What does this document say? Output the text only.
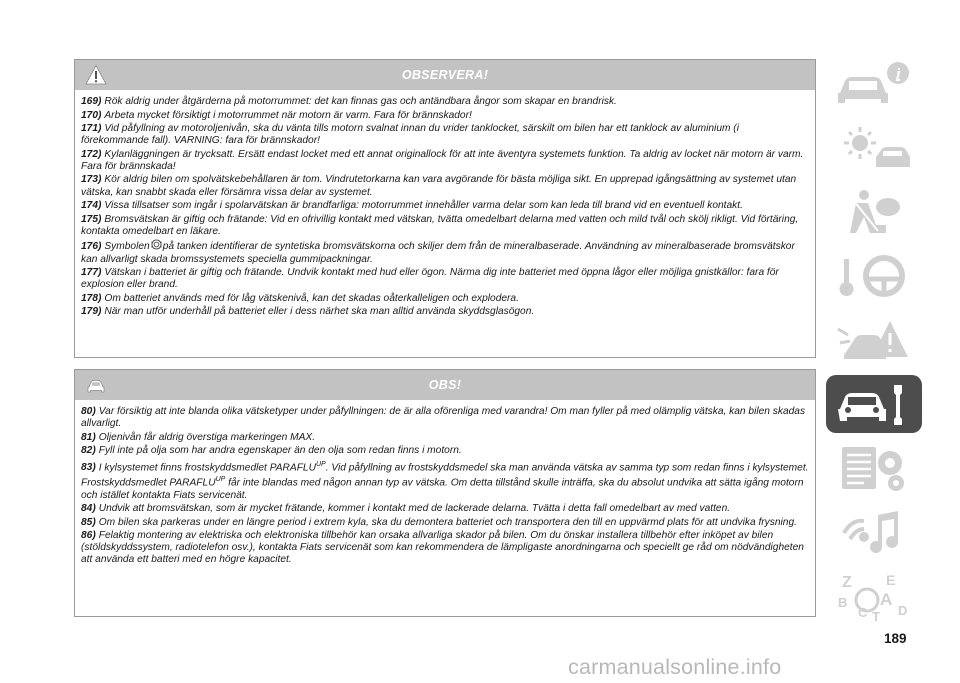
OBSERVERA!
169) Rök aldrig under åtgärderna på motorrummet: det kan finnas gas och antändbara ångor som skapar en brandrisk.
170) Arbeta mycket försiktigt i motorrummet när motorn är varm. Fara för brännskador!
171) Vid påfyllning av motoroljenivån, ska du vänta tills motorn svalnat innan du vrider tanklocket, särskilt om bilen har ett tanklock av aluminium (i förekommande fall). VARNING: fara för brännskador!
172) Kylanläggningen är trycksatt. Ersätt endast locket med ett annat originallock för att inte äventyra systemets funktion. Ta aldrig av locket när motorn är varm. Fara för brännskada!
173) Kör aldrig bilen om spolvätskebehållaren är tom. Vindrutetorkarna kan vara avgörande för bästa möjliga sikt. En upprepad igångsättning av systemet utan vätska, kan snabbt skada eller försämra vissa delar av systemet.
174) Vissa tillsatser som ingår i spolarvätskan är brandfarliga: motorrummet innehåller varma delar som kan leda till brand vid en eventuell kontakt.
175) Bromsvätskan är giftig och frätande: Vid en ofrivillig kontakt med vätskan, tvätta omedelbart delarna med vatten och mild tvål och skölj rikligt. Vid förtäring, kontakta omedelbart en läkare.
176) Symbolen på tanken identifierar de syntetiska bromsvätskorna och skiljer dem från de mineralbaserade. Användning av mineralbaserade bromsvätskor kan allvarligt skada bromssystemets speciella gummipackningar.
177) Vätskan i batteriet är giftig och frätande. Undvik kontakt med hud eller ögon. Närma dig inte batteriet med öppna lågor eller möjliga gnistkällor: fara för explosion eller brand.
178) Om batteriet används med för låg vätskenivå, kan det skadas oåterkalleligen och explodera.
179) När man utför underhåll på batteriet eller i dess närhet ska man alltid använda skyddsglasögon.
OBS!
80) Var försiktig att inte blanda olika vätsketyper under påfyllningen: de är alla oförenliga med varandra! Om man fyller på med olämplig vätska, kan bilen skadas allvarligt.
81) Oljenivån får aldrig överstiga markeringen MAX.
82) Fyll inte på olja som har andra egenskaper än den olja som redan finns i motorn.
83) I kylsystemet finns frostskyddsmedlet $PARAFLU^{UP}$. Vid påfyllning av frostskyddsmedel ska man använda vätska av samma typ som redan finns i kylsystemet. Frostskyddsmedlet $PARAFLU^{UP}$ får inte blandas med någon annan typ av vätska. Om detta tillstånd skulle inträffa, ska du absolut undvika att sätta igång motorn och istället kontakta Fiats servicenät.
84) Undvik att bromsvätskan, som är mycket frätande, kommer i kontakt med de lackerade delarna. Tvätta i detta fall omedelbart av med vatten.
85) Om bilen ska parkeras under en längre period i extrem kyla, ska du demontera batteriet och transportera den till en uppvärmd plats för att undvika frysning.
86) Felaktig montering av elektriska och elektroniska tillbehör kan orsaka allvarliga skador på bilen. Om du önskar installera tillbehör efter inköpet av bilen (stöldskyddssystem, radiotelefon osv.), kontakta Fiats servicenät som kan rekommendera de lämpligaste anordningarna och speciellt ge råd om nödvändigheten att använda ett batteri med en högre kapacitet.
Z E
B A
C D
T
189
carmanualsonline.info
